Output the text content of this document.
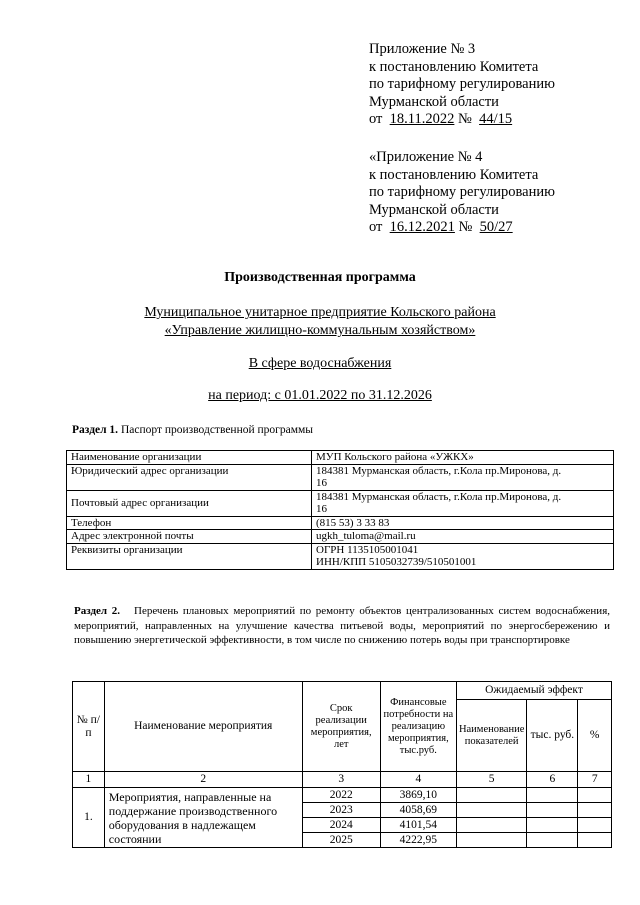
Приложение № 3
к постановлению Комитета
по тарифному регулированию
Мурманской области
от 18.11.2022 № 44/15
«Приложение № 4
к постановлению Комитета
по тарифному регулированию
Мурманской области
от 16.12.2021 № 50/27
Производственная программа
Муниципальное унитарное предприятие Кольского района
«Управление жилищно-коммунальным хозяйством»
В сфере водоснабжения
на период: с 01.01.2022 по 31.12.2026
Раздел 1. Паспорт производственной программы
Наименование организации	МУП Кольского района «УЖКХ»

Юридический адрес организации	184381 Мурманская область, г.Кола пр.Миронова, д.
16

Почтовый адрес организации	184381 Мурманская область, г.Кола пр.Миронова, д.
16

Телефон	(815 53) 3 33 83

Адрес электронной почты	ugkh_tuloma@mail.ru

Реквизиты организации	ОГРН 1135105001041
ИНН/КПП 5105032739/510501001
Раздел 2. Перечень плановых мероприятий по ремонту объектов централизованных систем водоснабжения, мероприятий, направленных на улучшение качества питьевой воды, мероприятий по энергосбережению и повышению энергетической эффективности, в том числе по снижению потерь воды при транспортировке
№ п/п	Наименование мероприятия	Срок реализации мероприятия, лет	Финансовые потребности на реализацию мероприятия, тыс.руб.	Ожидаемый эффект		
				Наименование показателей	тыс. руб.	%
1	2	3	4	5	6	7
1.	Мероприятия, направленные на поддержание производственного оборудования в надлежащем состоянии	2022	3869,10			
		2023	4058,69			
		2024	4101,54			
		2025	4222,95			
